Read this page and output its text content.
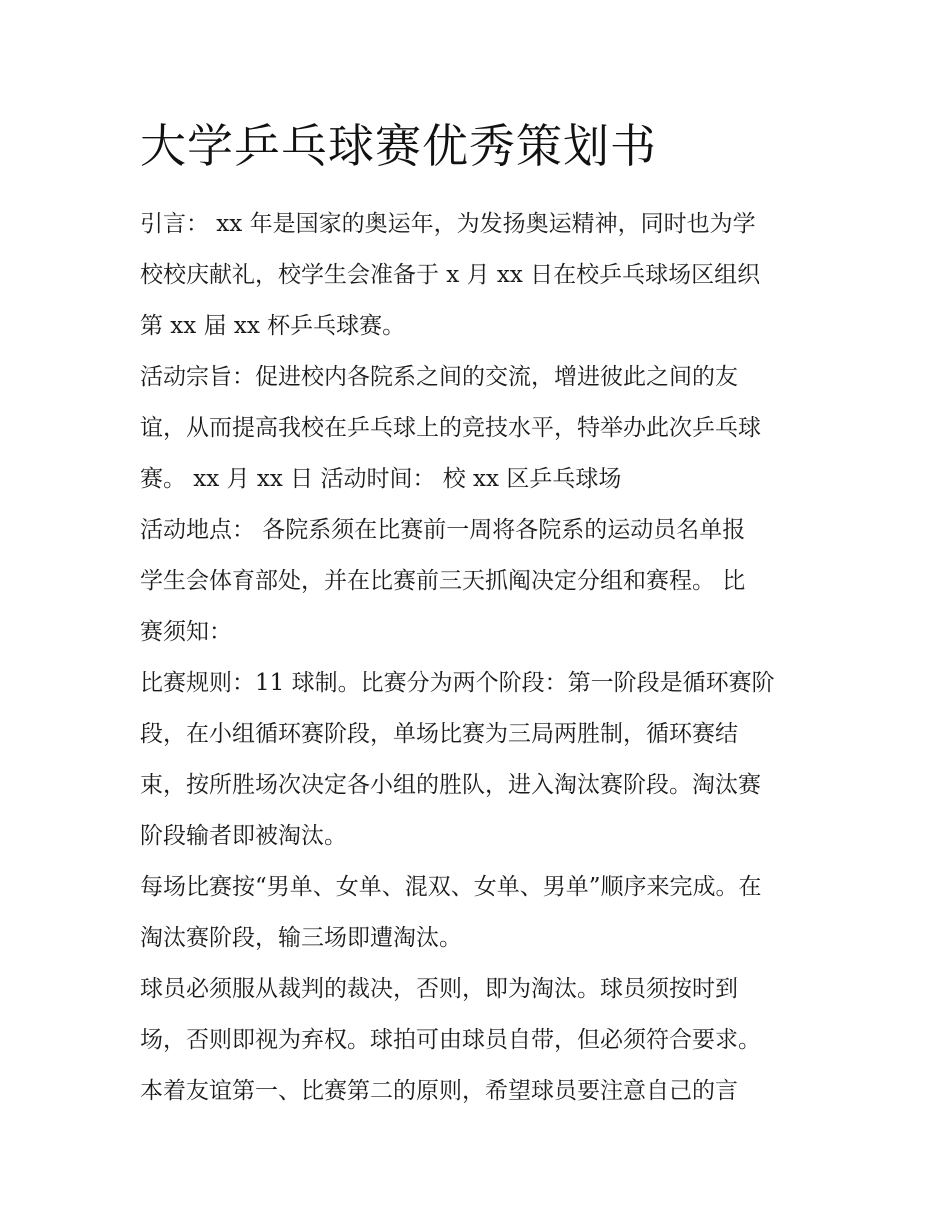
大学乒乓球赛优秀策划书
引言： xx 年是国家的奥运年，为发扬奥运精神，同时也为学
校校庆献礼，校学生会准备于 x 月 xx 日在校乒乓球场区组织
第 xx 届 xx 杯乒乓球赛。
活动宗旨：促进校内各院系之间的交流，增进彼此之间的友
谊，从而提高我校在乒乓球上的竞技水平，特举办此次乒乓球
赛。 xx 月 xx 日 活动时间： 校 xx 区乒乓球场
活动地点： 各院系须在比赛前一周将各院系的运动员名单报
学生会体育部处，并在比赛前三天抓阄决定分组和赛程。 比
赛须知：
比赛规则：11 球制。比赛分为两个阶段：第一阶段是循环赛阶
段，在小组循环赛阶段，单场比赛为三局两胜制，循环赛结
束，按所胜场次决定各小组的胜队，进入淘汰赛阶段。淘汰赛
阶段输者即被淘汰。
每场比赛按“男单、女单、混双、女单、男单”顺序来完成。在
淘汰赛阶段，输三场即遭淘汰。
球员必须服从裁判的裁决，否则，即为淘汰。球员须按时到
场，否则即视为弃权。球拍可由球员自带，但必须符合要求。
本着友谊第一、比赛第二的原则，希望球员要注意自己的言
